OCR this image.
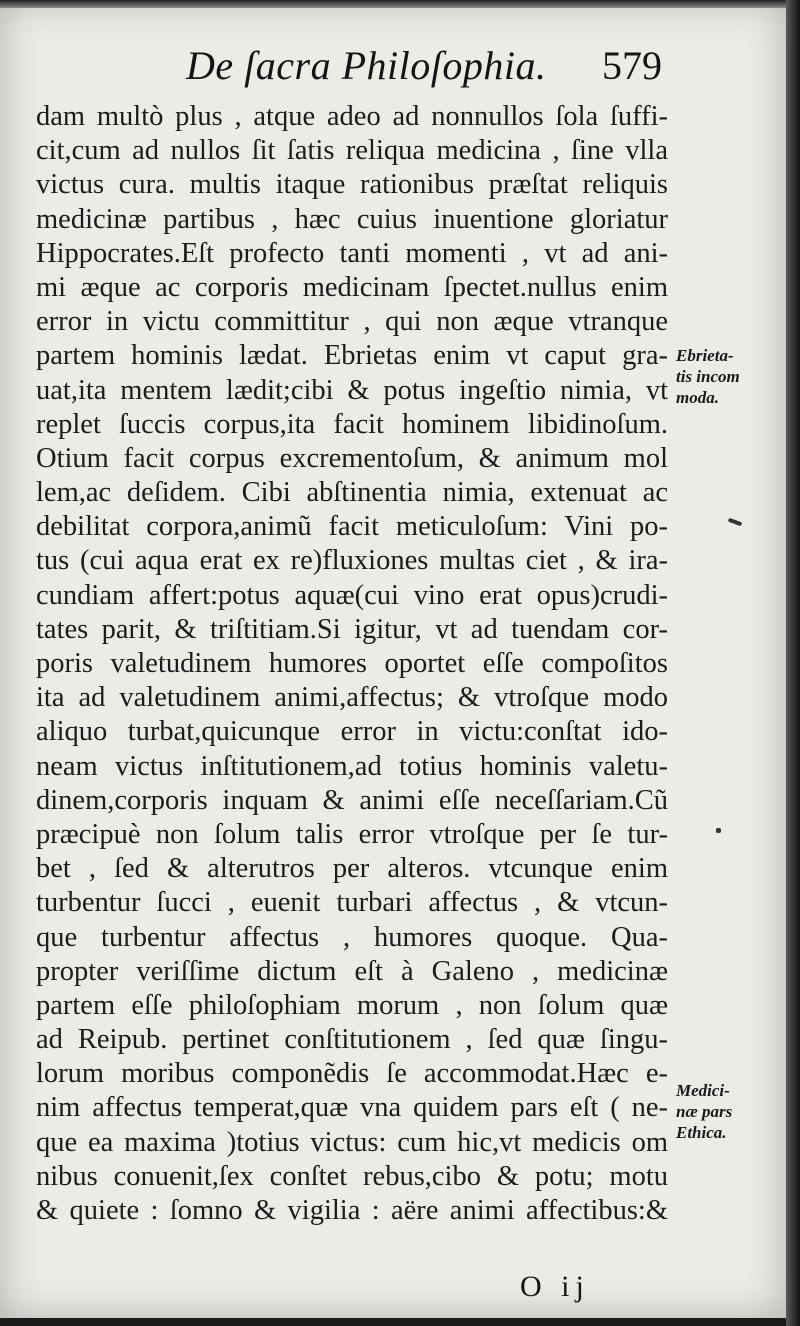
De ſacra Philoſophia. 579
dam multò plus , atque adeo ad nonnullos ſola ſuffi-
cit,cum ad nullos ſit ſatis reliqua medicina , ſine vlla
victus cura. multis itaque rationibus præſtat reliquis
medicinæ partibus , hæc cuius inuentione gloriatur
Hippocrates.Eſt profecto tanti momenti , vt ad ani-
mi æque ac corporis medicinam ſpectet.nullus enim
error in victu committitur , qui non æque vtranque
partem hominis lædat. Ebrietas enim vt caput gra-
uat,ita mentem lædit;cibi & potus ingeſtio nimia, vt
replet ſuccis corpus,ita facit hominem libidinoſum.
Otium facit corpus excrementoſum, & animum mol
lem,ac deſidem. Cibi abſtinentia nimia, extenuat ac
debilitat corpora,animũ facit meticuloſum: Vini po-
tus (cui aqua erat ex re)fluxiones multas ciet , & ira-
cundiam affert:potus aquæ(cui vino erat opus)crudi-
tates parit, & triſtitiam.Si igitur, vt ad tuendam cor-
poris valetudinem humores oportet eſſe compoſitos
ita ad valetudinem animi,affectus; & vtroſque modo
aliquo turbat,quicunque error in victu:conſtat ido-
neam victus inſtitutionem,ad totius hominis valetu-
dinem,corporis inquam & animi eſſe neceſſariam.Cũ
præcipuè non ſolum talis error vtroſque per ſe tur-
bet , ſed & alterutros per alteros. vtcunque enim
turbentur ſucci , euenit turbari affectus , & vtcun-
que turbentur affectus , humores quoque. Qua-
propter veriſſime dictum eſt à Galeno , medicinæ
partem eſſe philoſophiam morum , non ſolum quæ
ad Reipub. pertinet conſtitutionem , ſed quæ ſingu-
lorum moribus componẽdis ſe accommodat.Hæc e-
nim affectus temperat,quæ vna quidem pars eſt ( ne-
que ea maxima )totius victus: cum hic,vt medicis om
nibus conuenit,ſex conſtet rebus,cibo & potu; motu
& quiete : ſomno & vigilia : aëre animi affectibus:&
Ebrieta-
tis incom
moda.
Medici-
næ pars
Ethica.
O ij
